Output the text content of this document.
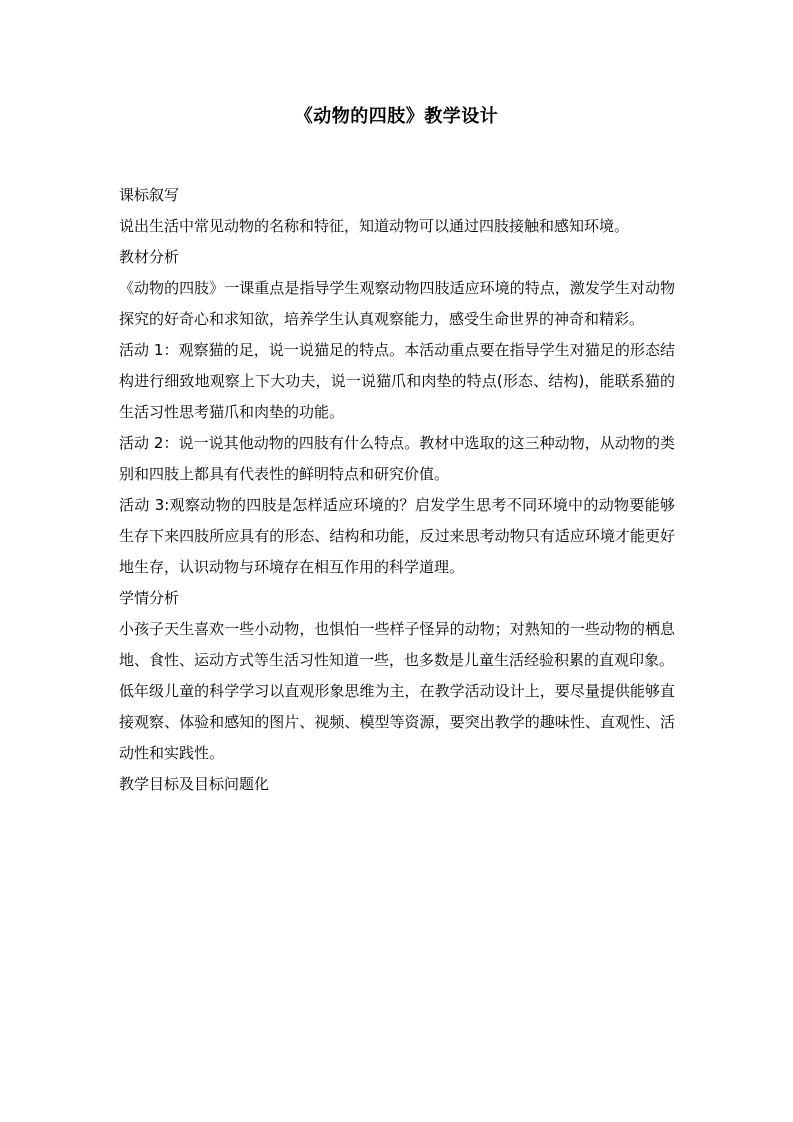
《动物的四肢》教学设计

课标叙写

说出生活中常见动物的名称和特征，知道动物可以通过四肢接触和感知环境。

教材分析

《动物的四肢》一课重点是指导学生观察动物四肢适应环境的特点，激发学生对动物探究的好奇心和求知欲，培养学生认真观察能力，感受生命世界的神奇和精彩。

活动 1：观察猫的足，说一说猫足的特点。本活动重点要在指导学生对猫足的形态结构进行细致地观察上下大功夫，说一说猫爪和肉垫的特点(形态、结构)，能联系猫的生活习性思考猫爪和肉垫的功能。

活动 2：说一说其他动物的四肢有什么特点。教材中选取的这三种动物，从动物的类别和四肢上都具有代表性的鲜明特点和研究价值。

活动 3:观察动物的四肢是怎样适应环境的？启发学生思考不同环境中的动物要能够生存下来四肢所应具有的形态、结构和功能，反过来思考动物只有适应环境才能更好地生存，认识动物与环境存在相互作用的科学道理。

学情分析

小孩子天生喜欢一些小动物，也惧怕一些样子怪异的动物；对熟知的一些动物的栖息地、食性、运动方式等生活习性知道一些，也多数是儿童生活经验积累的直观印象。

低年级儿童的科学学习以直观形象思维为主，在教学活动设计上，要尽量提供能够直接观察、体验和感知的图片、视频、模型等资源，要突出教学的趣味性、直观性、活动性和实践性。

教学目标及目标问题化
